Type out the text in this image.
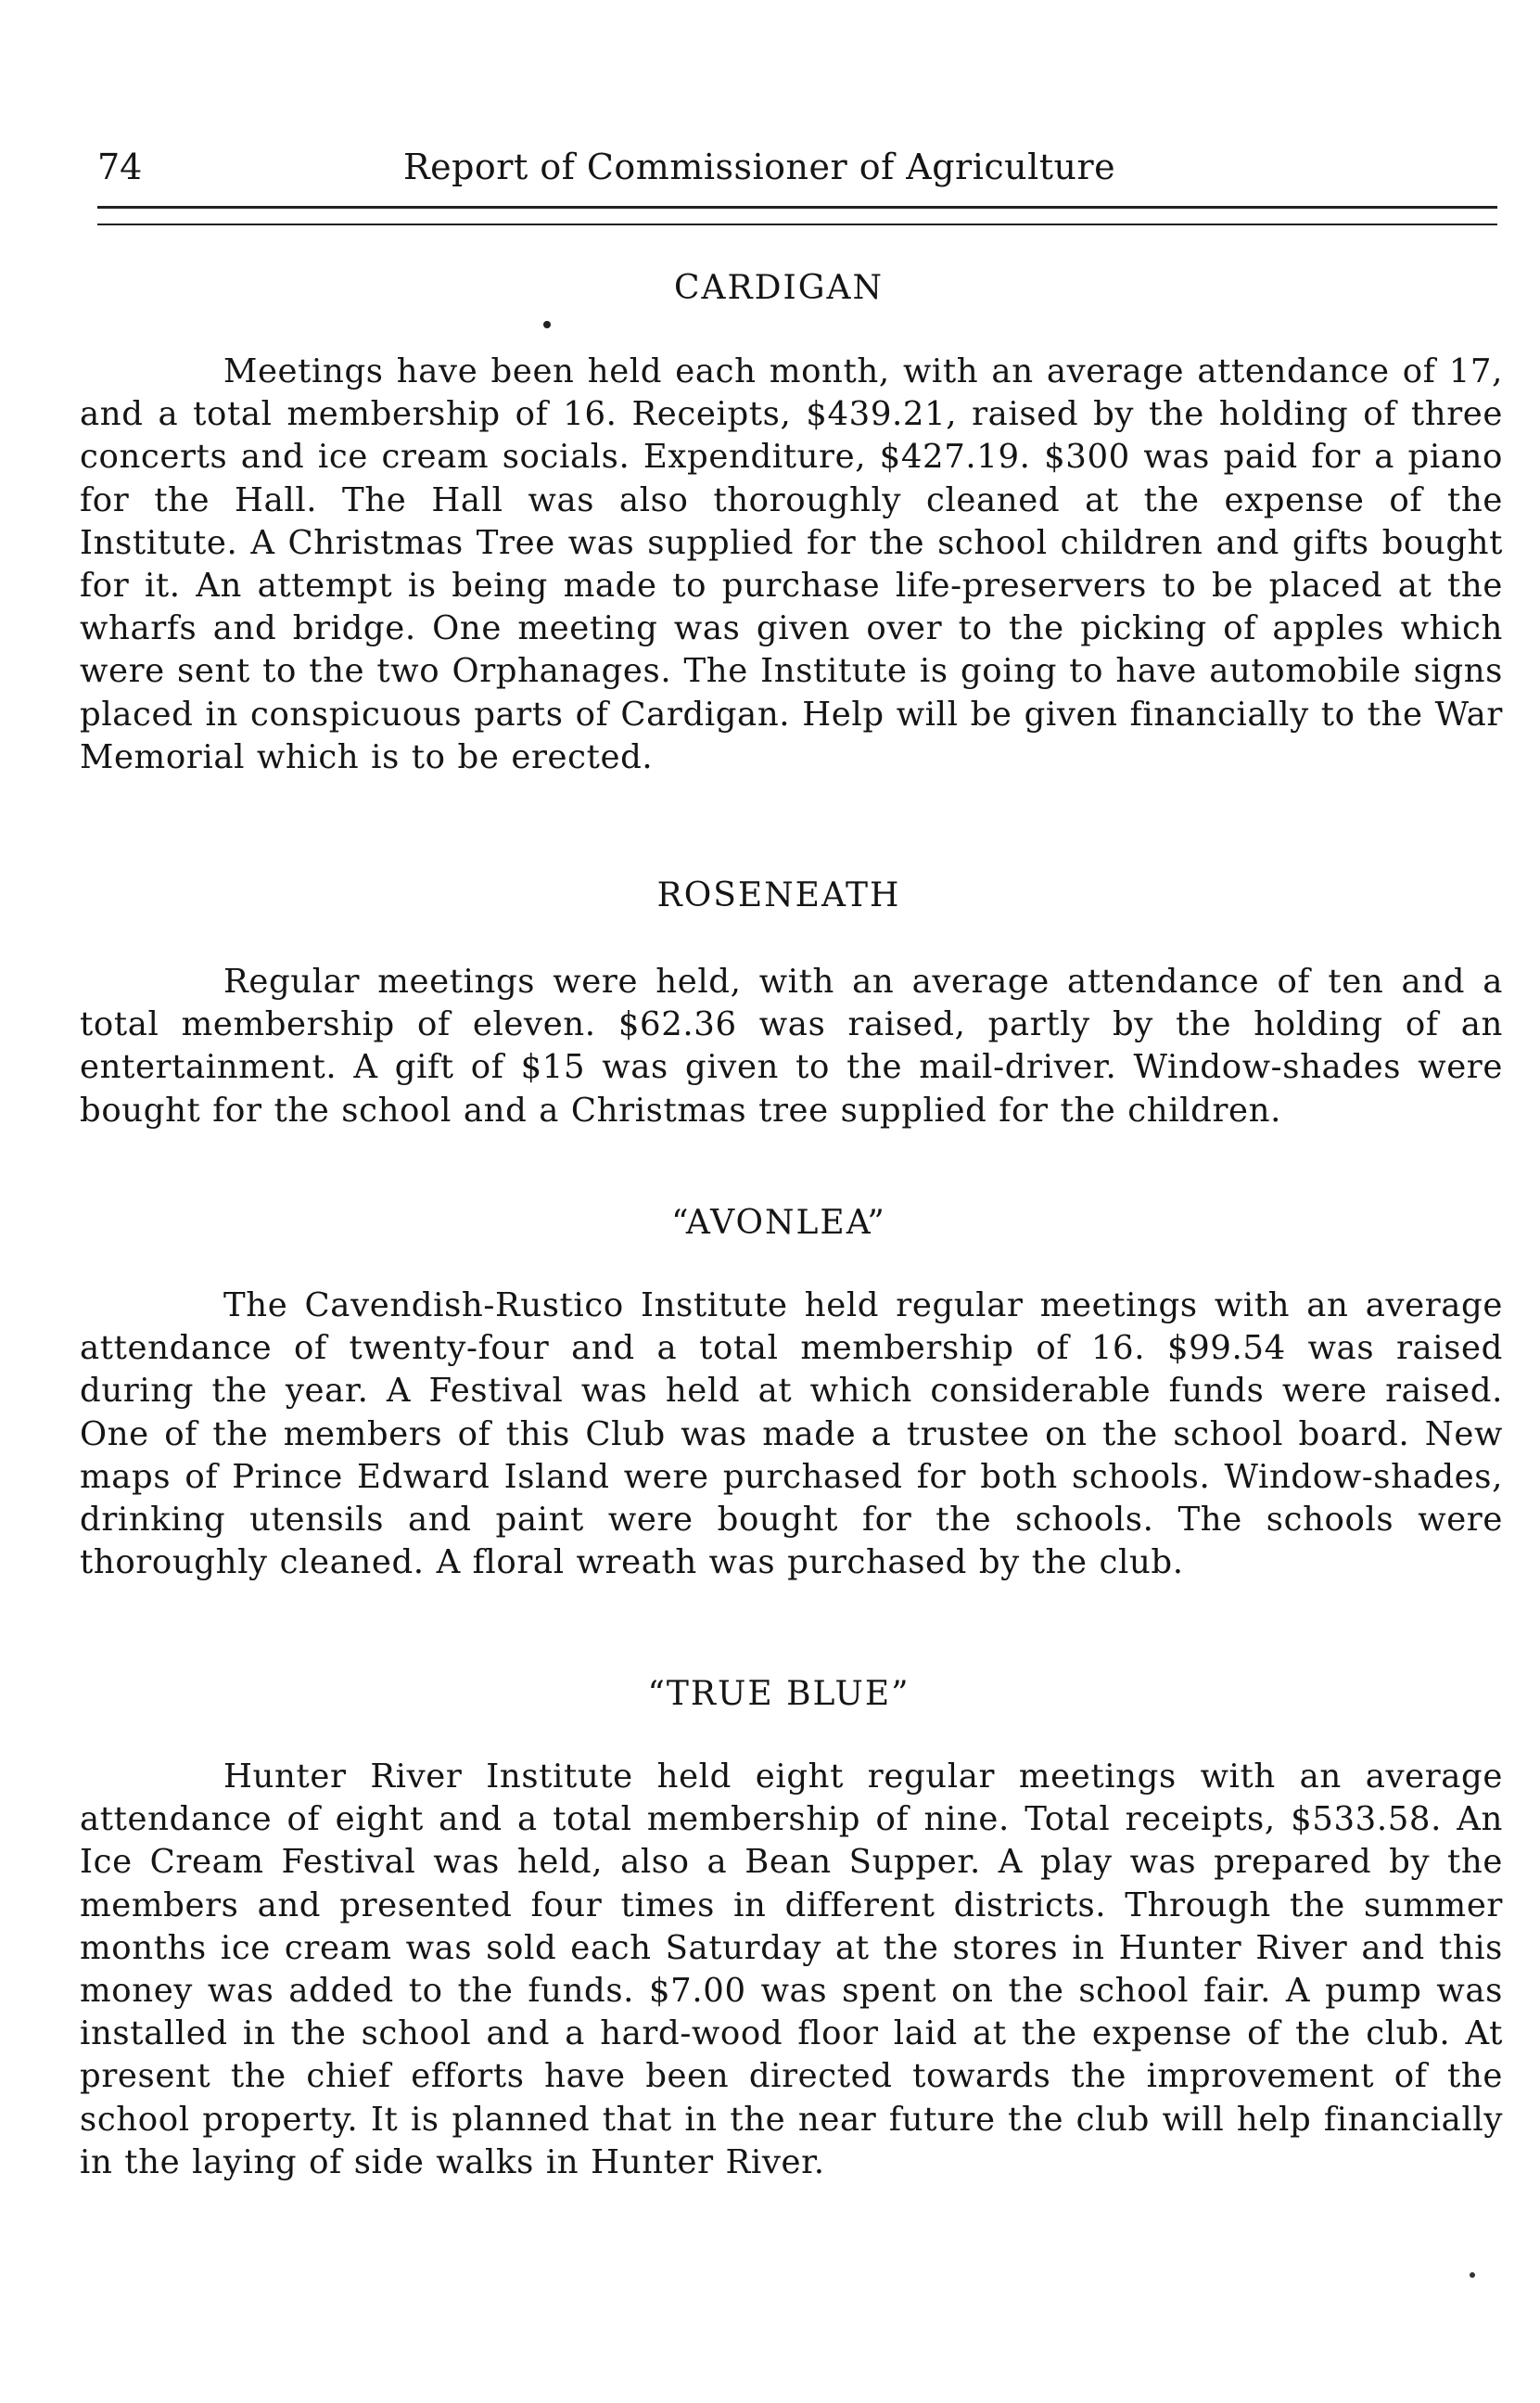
74	Report of Commissioner of Agriculture
CARDIGAN

Meetings have been held each month, with an average attendance of 17, and a total membership of 16. Receipts, $439.21, raised by the holding of three concerts and ice cream socials. Expenditure, $427.19. $300 was paid for a piano for the Hall. The Hall was also thoroughly cleaned at the expense of the Institute. A Christmas Tree was supplied for the school children and gifts bought for it. An attempt is being made to purchase life-preservers to be placed at the wharfs and bridge. One meeting was given over to the picking of apples which were sent to the two Orphanages. The Institute is going to have automobile signs placed in conspicuous parts of Cardigan. Help will be given financially to the War Memorial which is to be erected.

ROSENEATH

Regular meetings were held, with an average attendance of ten and a total membership of eleven. $62.36 was raised, partly by the holding of an entertainment. A gift of $15 was given to the mail-driver. Window-shades were bought for the school and a Christmas tree supplied for the children.

“AVONLEA”

The Cavendish-Rustico Institute held regular meetings with an average attendance of twenty-four and a total membership of 16. $99.54 was raised during the year. A Festival was held at which considerable funds were raised. One of the members of this Club was made a trustee on the school board. New maps of Prince Edward Island were purchased for both schools. Window-shades, drinking utensils and paint were bought for the schools. The schools were thoroughly cleaned. A floral wreath was purchased by the club.

“TRUE BLUE”

Hunter River Institute held eight regular meetings with an average attendance of eight and a total membership of nine. Total receipts, $533.58. An Ice Cream Festival was held, also a Bean Supper. A play was prepared by the members and presented four times in different districts. Through the summer months ice cream was sold each Saturday at the stores in Hunter River and this money was added to the funds. $7.00 was spent on the school fair. A pump was installed in the school and a hard-wood floor laid at the expense of the club. At present the chief efforts have been directed towards the improvement of the school property. It is planned that in the near future the club will help financially in the laying of side walks in Hunter River.
